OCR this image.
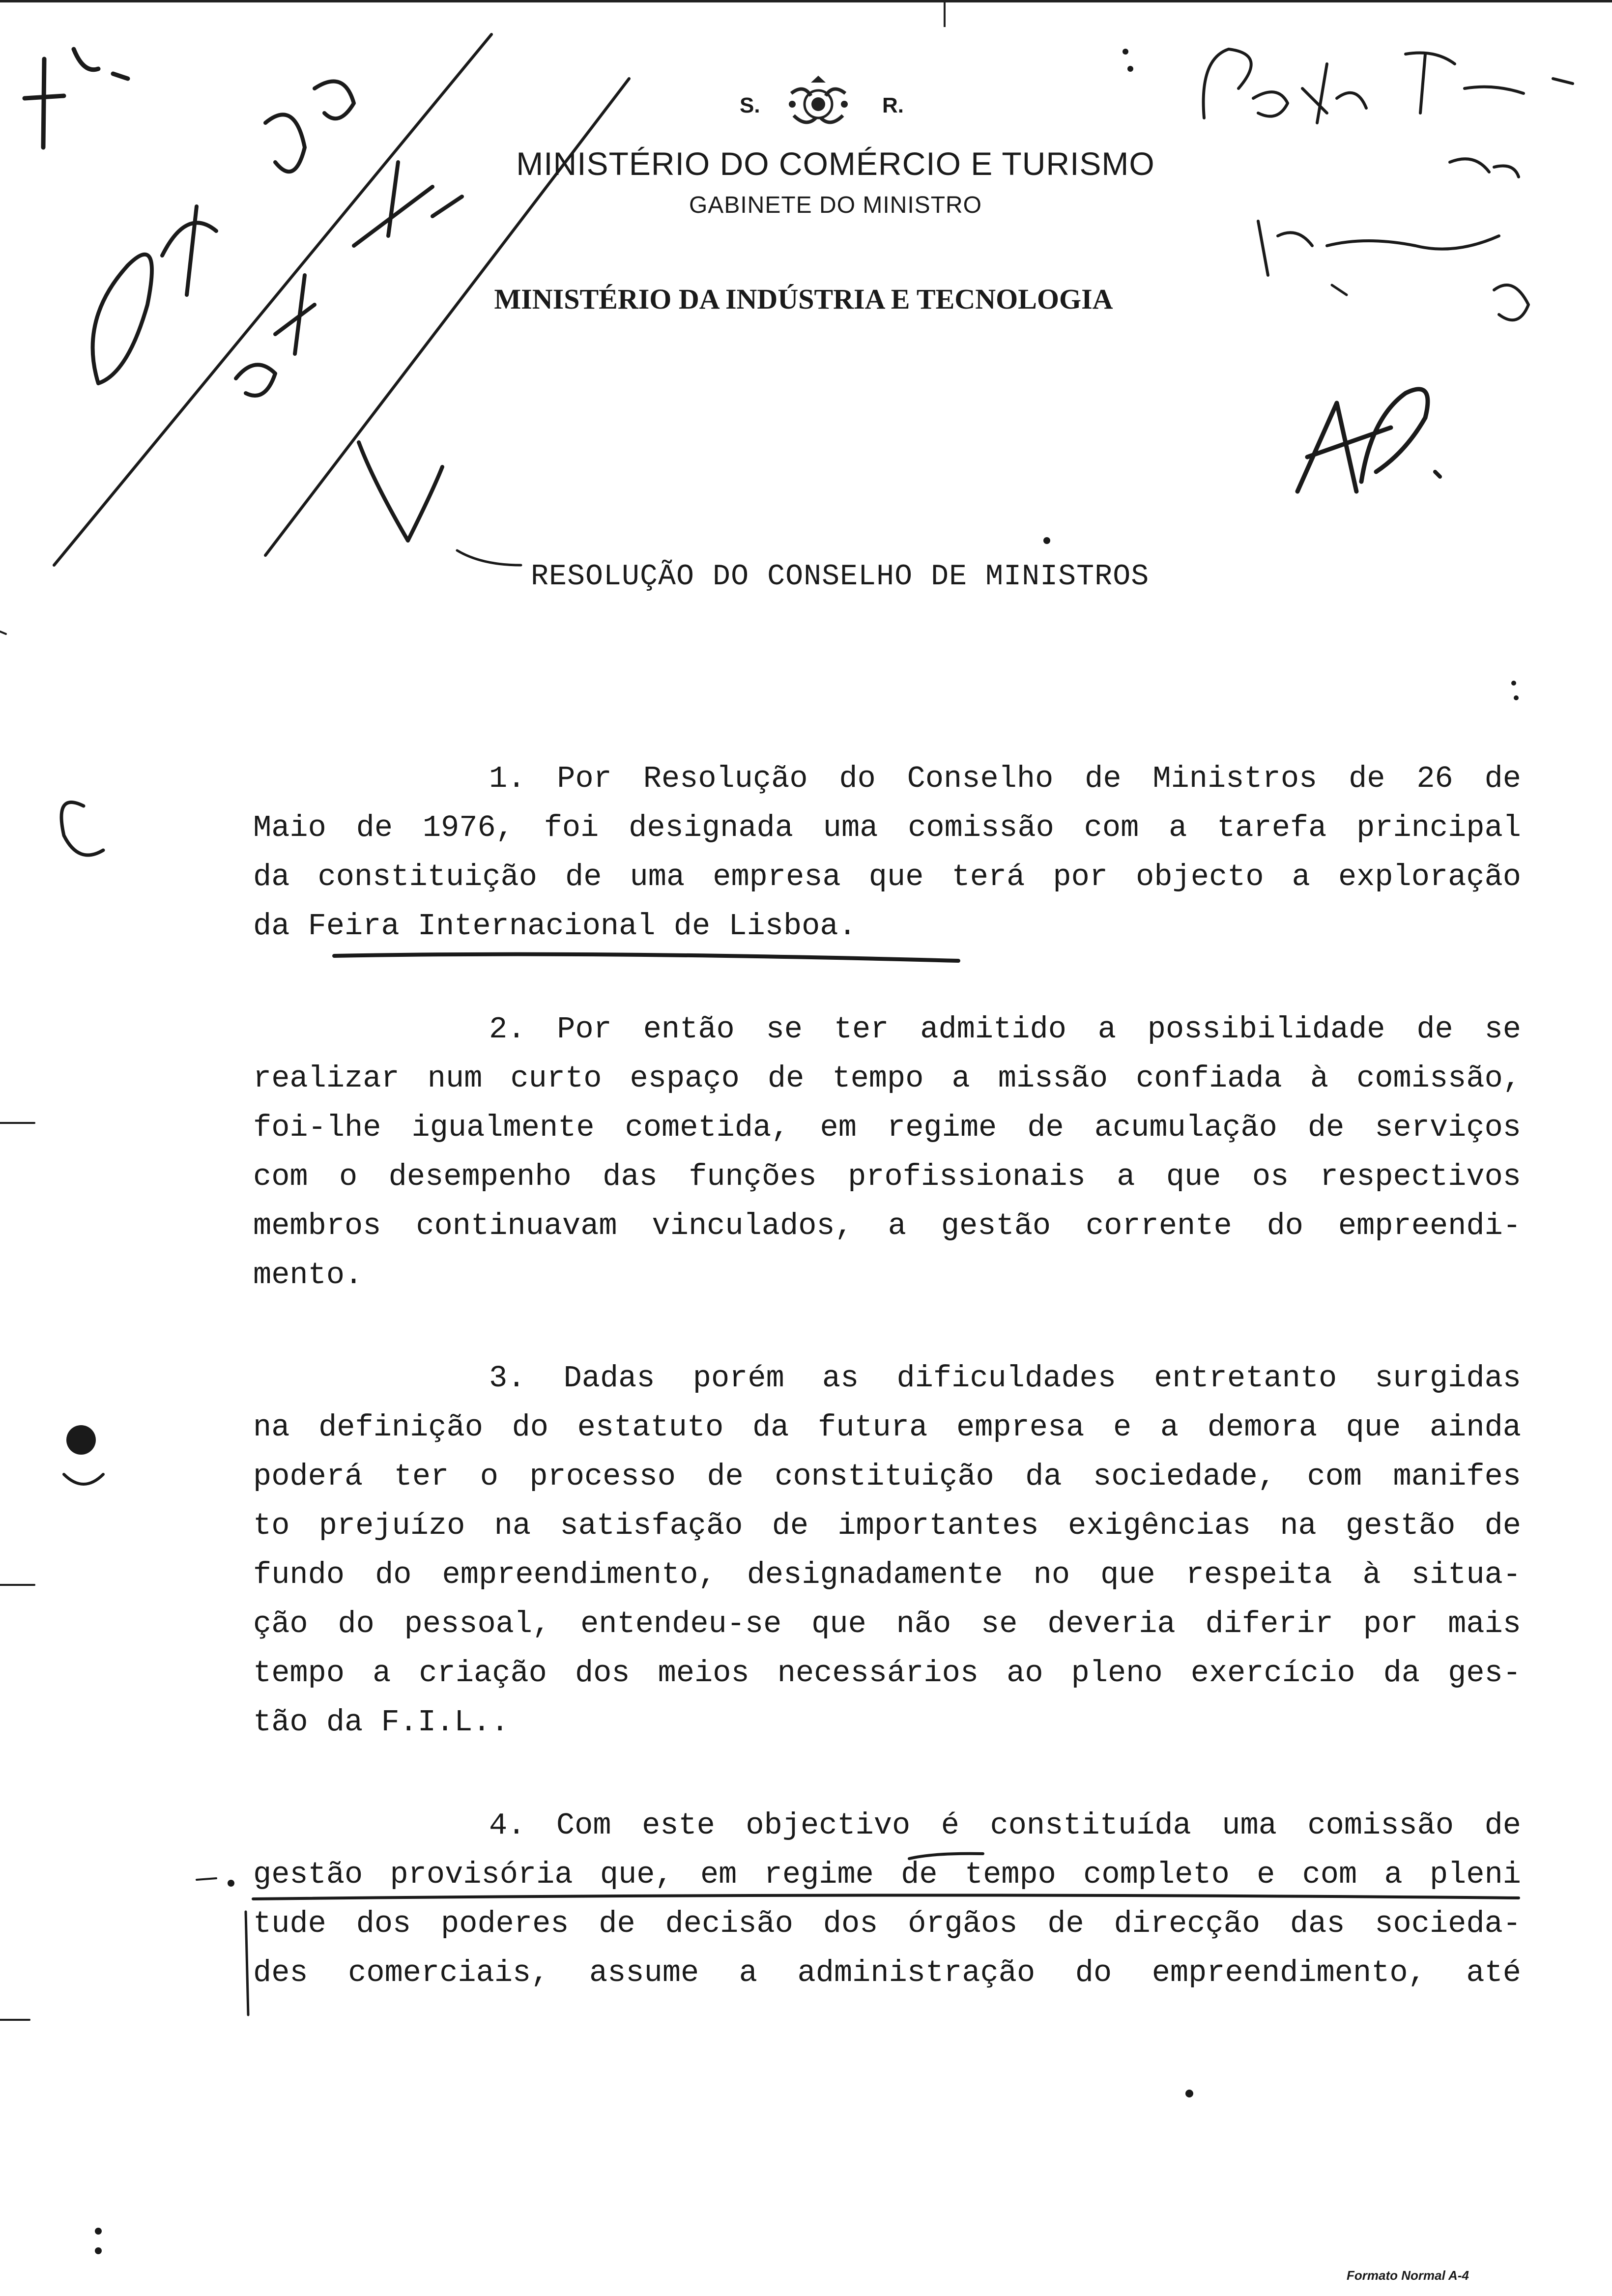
S.	R.
MINISTÉRIO DO COMÉRCIO E TURISMO
GABINETE DO MINISTRO
MINISTÉRIO DA INDÚSTRIA E TECNOLOGIA
RESOLUÇÃO DO CONSELHO DE MINISTROS
1. Por Resolução do Conselho de Ministros de 26 de
Maio de 1976, foi designada uma comissão com a tarefa principal
da constituição de uma empresa que terá por objecto a exploração
da Feira Internacional de Lisboa.
2. Por então se ter admitido a possibilidade de se
realizar num curto espaço de tempo a missão confiada à comissão,
foi-lhe igualmente cometida, em regime de acumulação de serviços
com o desempenho das funções profissionais a que os respectivos
membros continuavam vinculados, a gestão corrente do empreendi-
mento.
3. Dadas porém as dificuldades entretanto surgidas
na definição do estatuto da futura empresa e a demora que ainda
poderá ter o processo de constituição da sociedade, com manifes
to prejuízo na satisfação de importantes exigências na gestão de
fundo do empreendimento, designadamente no que respeita à situa-
ção do pessoal, entendeu-se que não se deveria diferir por mais
tempo a criação dos meios necessários ao pleno exercício da ges-
tão da F.I.L..
4. Com este objectivo é constituída uma comissão de
gestão provisória que, em regime de tempo completo e com a pleni
tude dos poderes de decisão dos órgãos de direcção das socieda-
des comerciais, assume a administração do empreendimento, até
Formato Normal A-4
